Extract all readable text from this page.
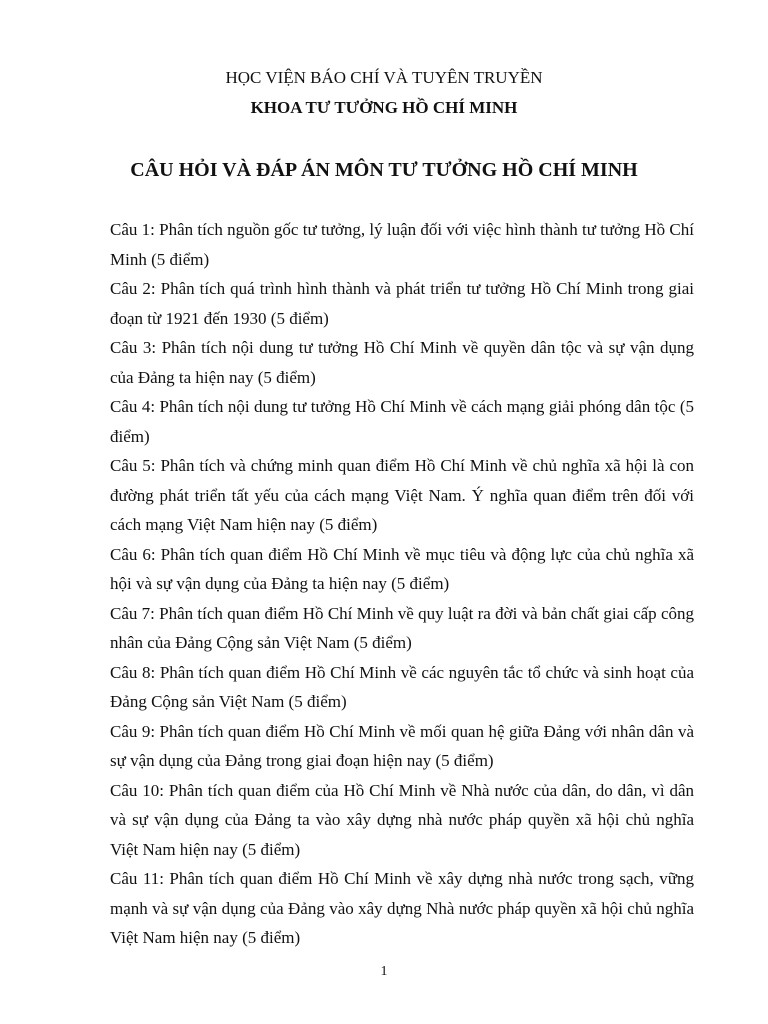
HỌC VIỆN BÁO CHÍ VÀ TUYÊN TRUYỀN
KHOA TƯ TƯỞNG HỒ CHÍ MINH
CÂU HỎI VÀ ĐÁP ÁN MÔN TƯ TƯỞNG HỒ CHÍ MINH
Câu 1: Phân tích nguồn gốc tư tưởng, lý luận đối với việc hình thành tư tưởng Hồ Chí Minh (5 điểm)
Câu 2: Phân tích quá trình hình thành và phát triển tư tưởng Hồ Chí Minh trong giai đoạn từ 1921 đến 1930 (5 điểm)
Câu 3: Phân tích nội dung tư tưởng Hồ Chí Minh về quyền dân tộc và sự vận dụng của Đảng ta hiện nay (5 điểm)
Câu 4: Phân tích nội dung tư tưởng Hồ Chí Minh về cách mạng giải phóng dân tộc (5 điểm)
Câu 5: Phân tích và chứng minh quan điểm Hồ Chí Minh về chủ nghĩa xã hội là con đường phát triển tất yếu của cách mạng Việt Nam. Ý nghĩa quan điểm trên đối với cách mạng Việt Nam hiện nay (5 điểm)
Câu 6: Phân tích quan điểm Hồ Chí Minh về mục tiêu và động lực của chủ nghĩa xã hội và sự vận dụng của Đảng ta hiện nay (5 điểm)
Câu 7: Phân tích quan điểm Hồ Chí Minh về quy luật ra đời và bản chất giai cấp công nhân của Đảng Cộng sản Việt Nam (5 điểm)
Câu 8: Phân tích quan điểm Hồ Chí Minh về các nguyên tắc tổ chức và sinh hoạt của Đảng Cộng sản Việt Nam (5 điểm)
Câu 9: Phân tích quan điểm Hồ Chí Minh về mối quan hệ giữa Đảng với nhân dân và sự vận dụng của Đảng trong giai đoạn hiện nay (5 điểm)
Câu 10: Phân tích quan điểm của Hồ Chí Minh về Nhà nước của dân, do dân, vì dân và sự vận dụng của Đảng ta vào xây dựng nhà nước pháp quyền xã hội chủ nghĩa Việt Nam hiện nay (5 điểm)
Câu 11: Phân tích quan điểm Hồ Chí Minh về xây dựng nhà nước trong sạch, vững mạnh và sự vận dụng của Đảng vào xây dựng Nhà nước pháp quyền xã hội chủ nghĩa Việt Nam hiện nay (5 điểm)
1
